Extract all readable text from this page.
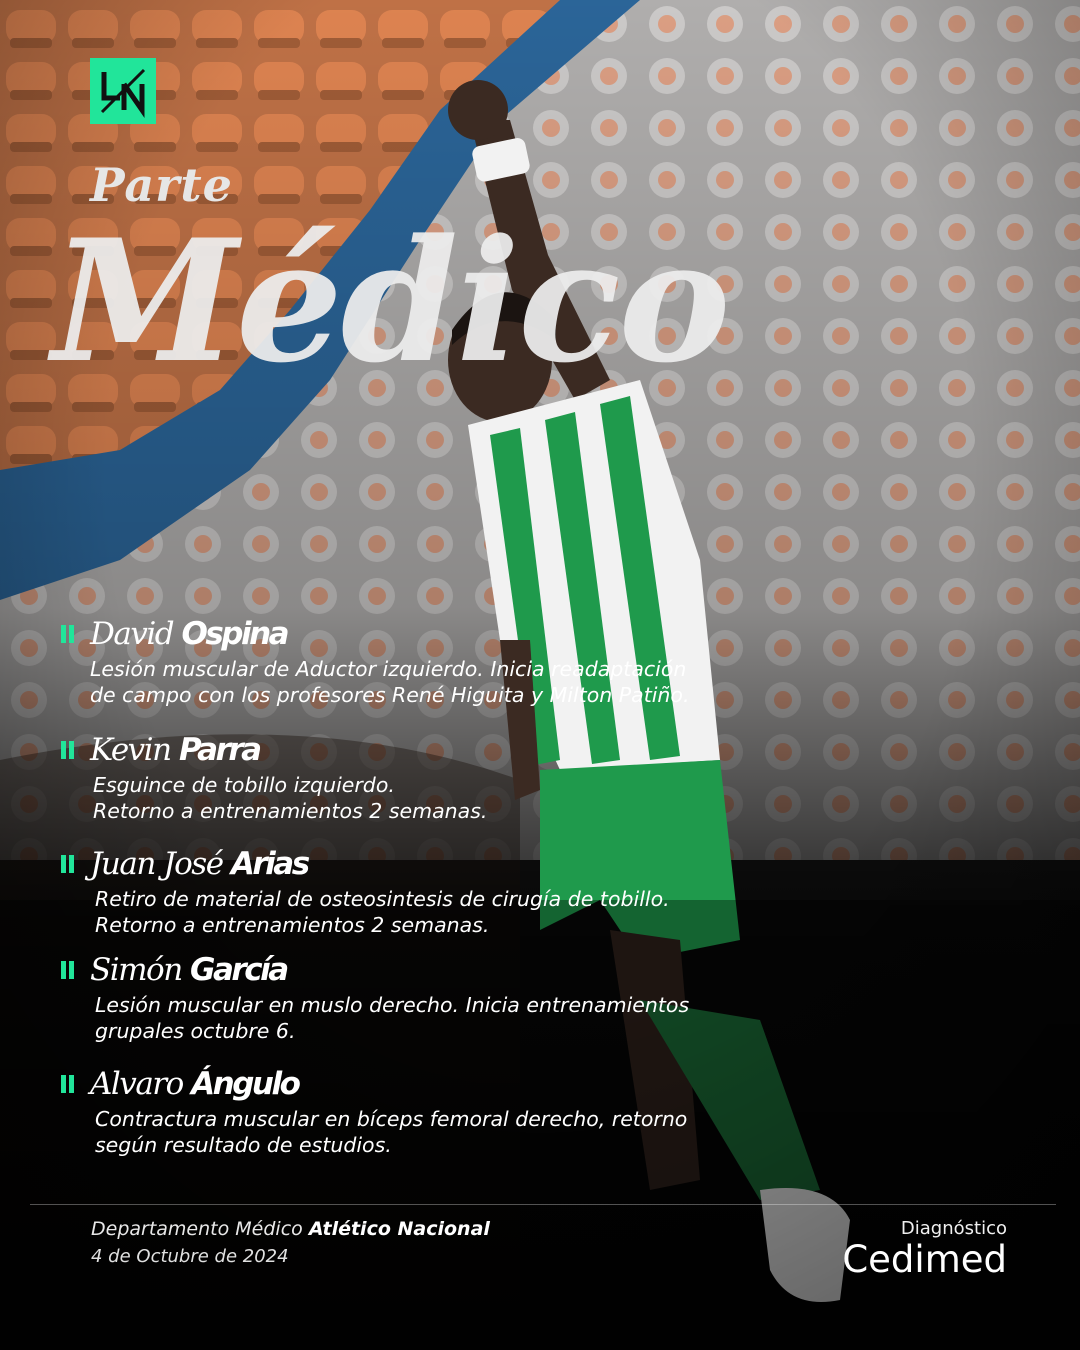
Parte
Médico
David Ospina

Lesión muscular de Aductor izquierdo. Inicia readaptación
de campo con los profesores René Higuita y Milton Patiño.

Kevin Parra

Esguince de tobillo izquierdo.
Retorno a entrenamientos 2 semanas.

Juan José Arias

Retiro de material de osteosintesis de cirugía de tobillo.
Retorno a entrenamientos 2 semanas.

Simón García

Lesión muscular en muslo derecho. Inicia entrenamientos
grupales octubre 6.

Alvaro Ángulo

Contractura muscular en bíceps femoral derecho, retorno
según resultado de estudios.

Departamento Médico Atlético Nacional
4 de Octubre de 2024
Diagnóstico
Cedimed
